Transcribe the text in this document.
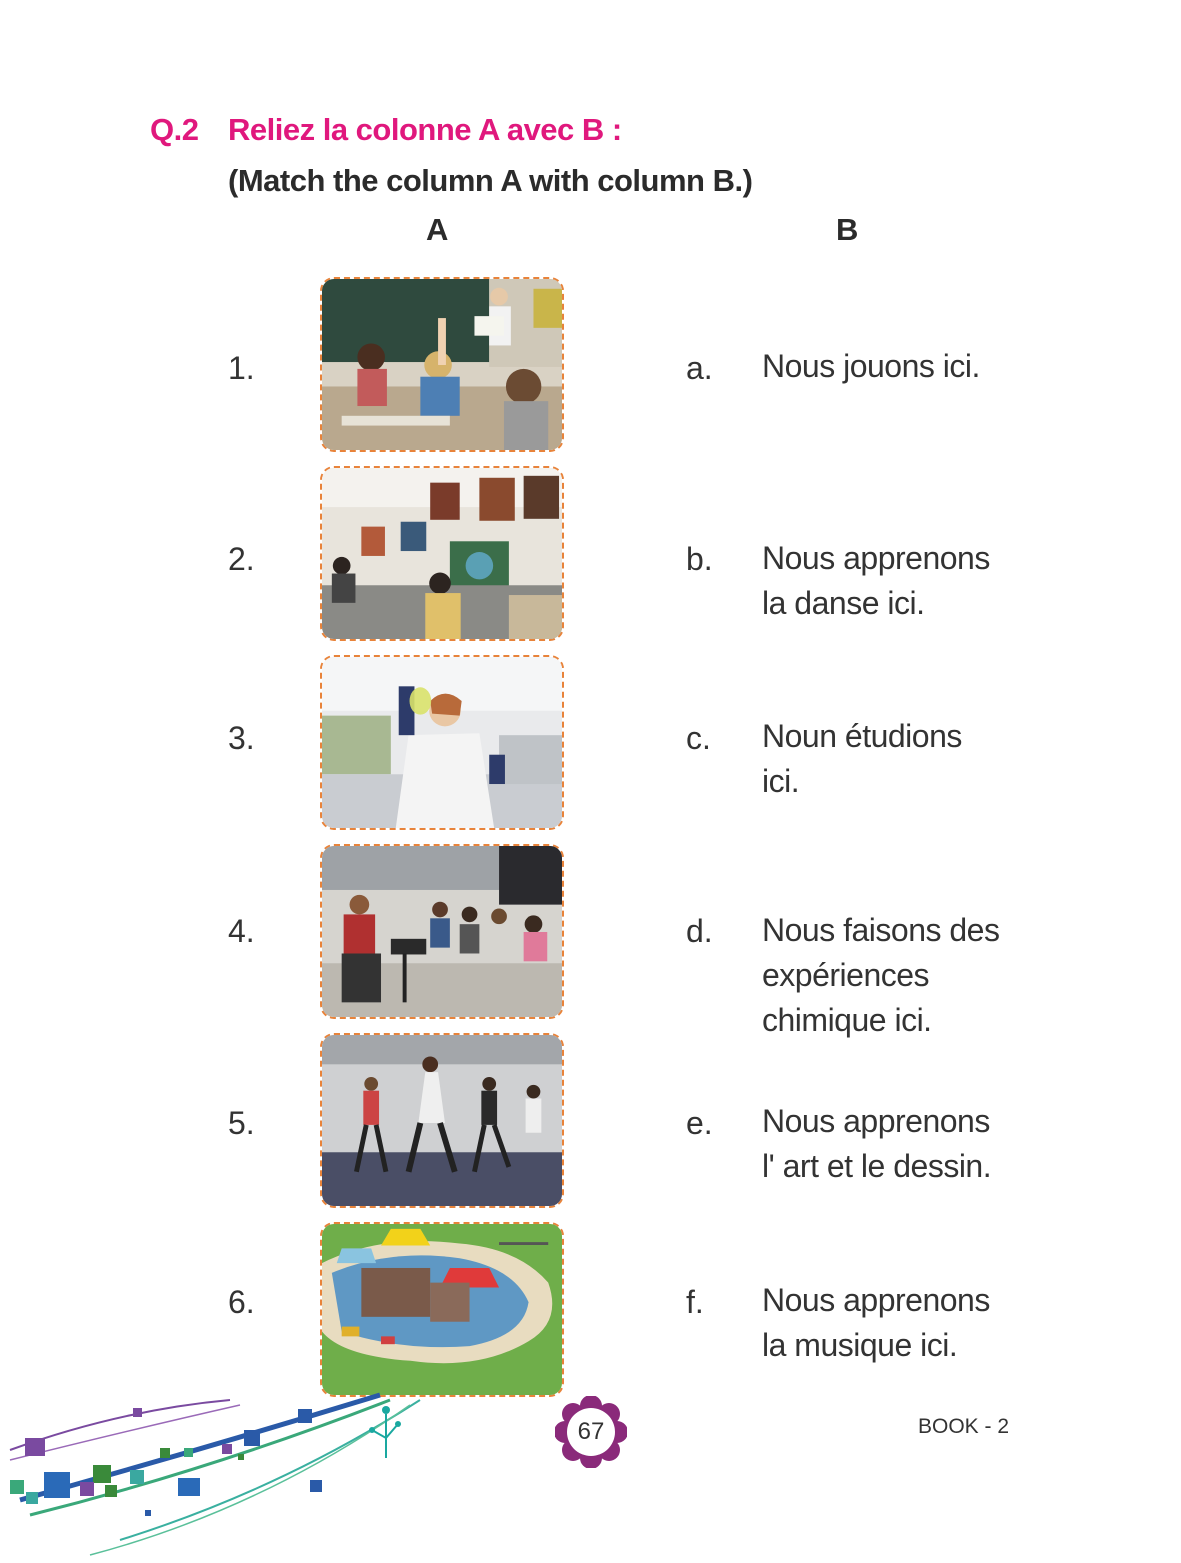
Q.2 Reliez la colonne A avec B :
(Match the column A with column B.)
A	B
1.
2.
3.
4.
5.
6.
a. Nous jouons ici.
b. Nous apprenons
la danse ici.
c. Noun étudions
ici.
d. Nous faisons des
expériences
chimique ici.
e. Nous apprenons
l' art et le dessin.
f. Nous apprenons
la musique ici.
67	BOOK - 2
